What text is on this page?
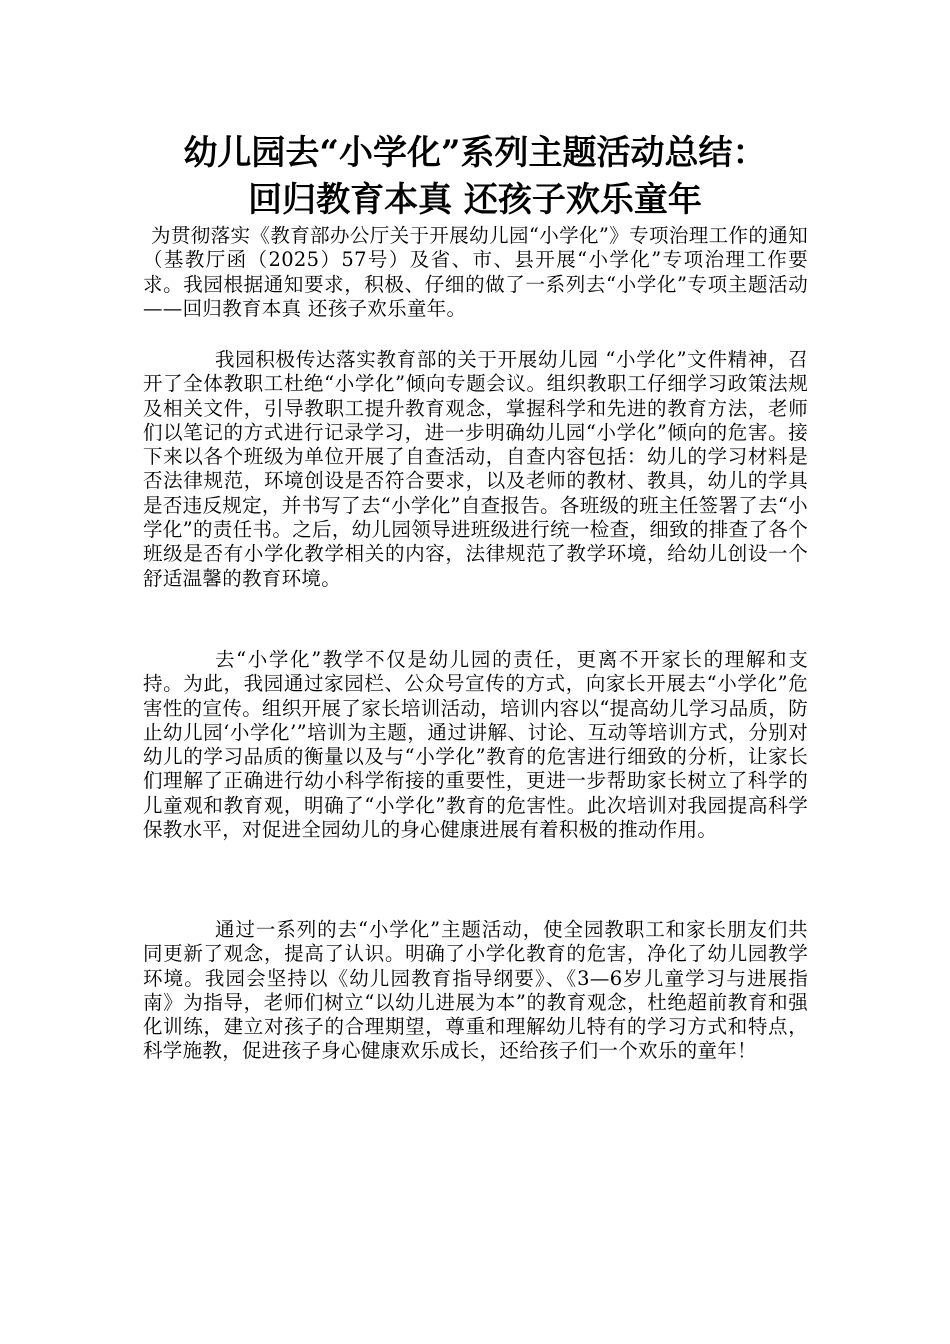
幼儿园去“小学化”系列主题活动总结：
回归教育本真 还孩子欢乐童年

为贯彻落实《教育部办公厅关于开展幼儿园“小学化”》专项治理工作的通知（基教厅函（2025）57号）及省、市、县开展“小学化”专项治理工作要求。我园根据通知要求，积极、仔细的做了一系列去“小学化”专项主题活动——回归教育本真 还孩子欢乐童年。

我园积极传达落实教育部的关于开展幼儿园 “小学化”文件精神，召开了全体教职工杜绝“小学化”倾向专题会议。组织教职工仔细学习政策法规及相关文件，引导教职工提升教育观念，掌握科学和先进的教育方法，老师们以笔记的方式进行记录学习，进一步明确幼儿园“小学化”倾向的危害。接下来以各个班级为单位开展了自查活动，自查内容包括：幼儿的学习材料是否法律规范，环境创设是否符合要求，以及老师的教材、教具，幼儿的学具是否违反规定，并书写了去“小学化”自查报告。各班级的班主任签署了去“小学化”的责任书。之后，幼儿园领导进班级进行统一检查，细致的排查了各个班级是否有小学化教学相关的内容，法律规范了教学环境，给幼儿创设一个舒适温馨的教育环境。

去“小学化”教学不仅是幼儿园的责任，更离不开家长的理解和支持。为此，我园通过家园栏、公众号宣传的方式，向家长开展去“小学化”危害性的宣传。组织开展了家长培训活动，培训内容以“提高幼儿学习品质，防止幼儿园‘小学化’”培训为主题，通过讲解、讨论、互动等培训方式，分别对幼儿的学习品质的衡量以及与“小学化”教育的危害进行细致的分析，让家长们理解了正确进行幼小科学衔接的重要性，更进一步帮助家长树立了科学的儿童观和教育观，明确了“小学化”教育的危害性。此次培训对我园提高科学保教水平，对促进全园幼儿的身心健康进展有着积极的推动作用。

通过一系列的去“小学化”主题活动，使全园教职工和家长朋友们共同更新了观念，提高了认识。明确了小学化教育的危害，净化了幼儿园教学环境。我园会坚持以《幼儿园教育指导纲要》、《3—6岁儿童学习与进展指南》为指导，老师们树立“以幼儿进展为本”的教育观念，杜绝超前教育和强化训练，建立对孩子的合理期望，尊重和理解幼儿特有的学习方式和特点，科学施教，促进孩子身心健康欢乐成长，还给孩子们一个欢乐的童年！
